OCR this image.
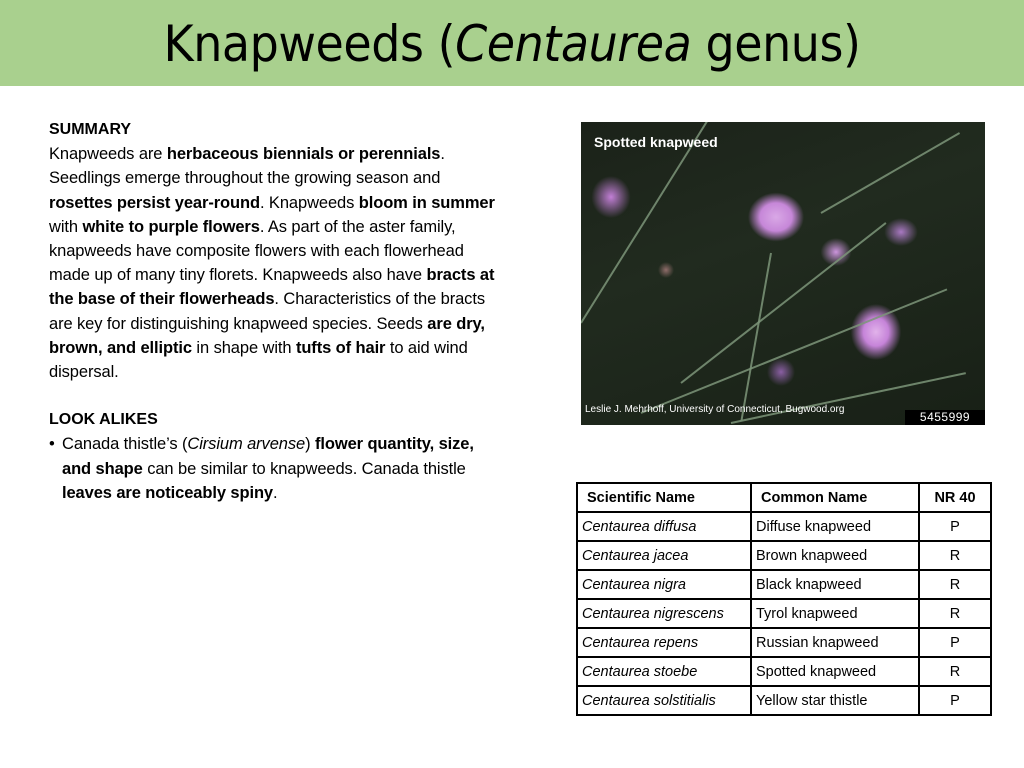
Knapweeds (Centaurea genus)
SUMMARY
Knapweeds are herbaceous biennials or perennials. Seedlings emerge throughout the growing season and rosettes persist year-round. Knapweeds bloom in summer with white to purple flowers. As part of the aster family, knapweeds have composite flowers with each flowerhead made up of many tiny florets. Knapweeds also have bracts at the base of their flowerheads. Characteristics of the bracts are key for distinguishing knapweed species. Seeds are dry, brown, and elliptic in shape with tufts of hair to aid wind dispersal.
LOOK ALIKES
• Canada thistle’s (Cirsium arvense) flower quantity, size, and shape can be similar to knapweeds. Canada thistle leaves are noticeably spiny.
Spotted knapweed
Leslie J. Mehrhoff, University of Connecticut, Bugwood.org
5455999
Scientific Name	Common Name	NR 40
Centaurea diffusa	Diffuse knapweed	P
Centaurea jacea	Brown knapweed	R
Centaurea nigra	Black knapweed	R
Centaurea nigrescens	Tyrol knapweed	R
Centaurea repens	Russian knapweed	P
Centaurea stoebe	Spotted knapweed	R
Centaurea solstitialis	Yellow star thistle	P
